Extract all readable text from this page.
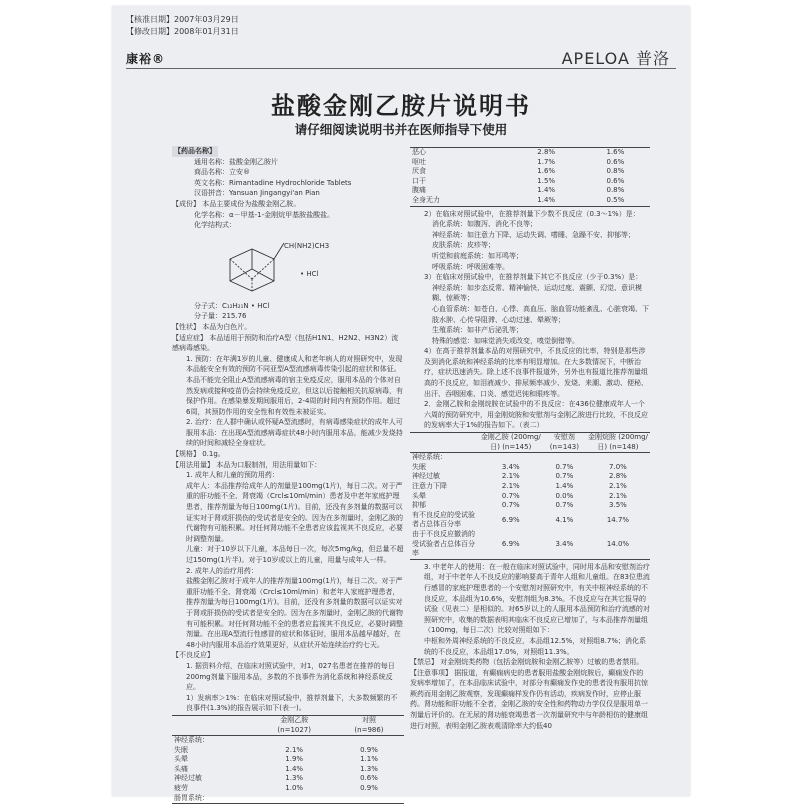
【核准日期】2007年03月29日
【修改日期】2008年01月31日
康裕®	APELOA 普洛
盐酸金刚乙胺片说明书
请仔细阅读说明书并在医师指导下使用
【药品名称】
通用名称：盐酸金刚乙胺片
商品名称：立安®
英文名称：Rimantadine Hydrochloride Tablets
汉语拼音：Yansuan Jingangyi'an Pian
【成份】 本品主要成份为盐酸金刚乙胺。
化学名称：α－甲基-1-金刚烷甲基胺盐酸盐。
化学结构式：
CH(NH2)CH3
• HCl
分子式：C₁₂H₂₁N • HCl
分子量：215.76
【性状】 本品为白色片。
【适应症】 本品适用于预防和治疗A型（包括H1N1、H2N2、H3N2）流感病毒感染。
1. 预防：在年满1岁的儿童、健康成人和老年病人的对照研究中，发现本品能安全有效的预防不同亚型A型流感病毒传染引起的症状和体征。本品不能完全阻止A型流感病毒的宿主免疫反应，服用本品的个体对自然发病或接种疫苗仍会持续免疫反应，但这以后接触相关抗原病毒，有保护作用。在感染暴发期间服用后，2-4周的时间内有预防作用。超过6周，其预防作用的安全性和有效性未被证实。
2. 治疗：在人群中确认或怀疑A型流感时，有病毒感染症状的成年人可服用本品：在出现A型流感病毒症状48小时内服用本品，能减少发烧持续的时间和减轻全身症状。
【规格】 0.1g。
【用法用量】 本品为口服制剂，用法用量如下：
1. 成年人和儿童的预防用药：
成年人：本品推荐给成年人的剂量是100mg(1片)，每日二次。对于严重的肝功能不全、肾衰竭（Crcl≤10ml/min）患者及中老年家庭护理患者，推荐剂量为每日100mg(1片)。目前，还没有多剂量的数据可以证实对于肾或肝损伤的受试者是安全的。因为在多剂量时，金刚乙胺的代谢物有可能积累。对任何肾功能不全患者应该监视其不良反应，必要时调整剂量。
儿童：对于10岁以下儿童，本品每日一次，每次5mg/kg，但总量不超过150mg(1片半)。对于10岁或以上的儿童，用量与成年人一样。
2. 成年人的治疗用药：
盐酸金刚乙胺对于成年人的推荐剂量100mg(1片)，每日二次。对于严重肝功能不全、肾衰竭（Crcl≤10ml/min）和老年人家庭护理患者，推荐剂量为每日100mg(1片)。目前，还没有多剂量的数据可以证实对于肾或肝损伤的受试者是安全的。因为在多剂量时，金刚乙胺的代谢物有可能积累。对任何肾功能不全的患者应监视其不良反应，必要时调整剂量。在出现A型流行性感冒的症状和体征时，服用本品越早越好，在48小时内服用本品治疗效果更好，从症状开始连续治疗约七天。
【不良反应】
1. 据资料介绍，在临床对照试验中，对1，027名患者在推荐的每日200mg剂量下服用本品，多数的不良事件为消化系统和神经系统反应。
1）发病率＞1%：在临床对照试验中，推荐剂量下，大多数频繁的不良事件(1.3%)的报告展示如下(表一)。
	金刚乙胺	对照
	(n=1027)	(n=986)
神经系统：		
失眠	2.1%	0.9%
头晕	1.9%	1.1%
头痛	1.4%	1.3%
神经过敏	1.3%	0.6%
疲劳	1.0%	0.9%
肠胃系统：		
恶心	2.8%	1.6%
呕吐	1.7%	0.6%
厌食	1.6%	0.8%
口干	1.5%	0.6%
腹痛	1.4%	0.8%
全身无力	1.4%	0.5%
2）在临床对照试验中，在推荐剂量下少数不良反应（0.3～1%）是：
消化系统：如腹泻、消化不良等；
神经系统：如注意力下降、运动失调、嗜睡、急躁不安、抑郁等；
皮肤系统：皮疹等；
听觉和前庭系统：如耳鸣等；
呼吸系统：呼吸困难等。
3）在临床对照试验中，在推荐剂量下其它不良反应（少于0.3%）是：
神经系统：如步态反常、精神愉快、运动过度、震颤、幻觉、意识模糊、惊厥等；
心血管系统：如苍白、心悸、高血压、脑血管功能紊乱、心脏衰竭、下肢水肿、心传导阻滞、心动过速、晕厥等；
生殖系统：如非产后泌乳等；
特殊的感觉：如味觉消失或改变，嗅觉倒错等。
4）在高于推荐剂量本品的对照研究中，不良反应的比率，特别是那些涉及到消化系统和神经系统的比率有明显增加。在大多数情况下，中断治疗，症状迅速消失。除上述不良事件报道外，另外也有报道比推荐剂量组高的不良反应，如泪液减少、排尿频率减少、发烧、来潮、激动、便秘、出汗、吞咽困难、口炎、感觉迟钝和眼疼等。
2．金刚乙胺和金刚烷胺在试验中的不良反应：在436位健康成年人一个六周的预防研究中，用金刚烷胺和安慰剂与金刚乙胺进行比较，不良反应的发病率大于1%的报告如下。（表二）
	金刚乙胺 (200mg/日) (n=145)	安慰剂 (n=143)	金刚烷胺 (200mg/日) (n=148)
神经系统：			
失眠	3.4%	0.7%	7.0%
神经过敏	2.1%	0.7%	2.8%
注意力下降	2.1%	1.4%	2.1%
头晕	0.7%	0.0%	2.1%
抑郁	0.7%	0.7%	3.5%
有不良反应的受试验者占总体百分率	6.9%	4.1%	14.7%
由于不良反应撤消的受试验者占总体百分率	6.9%	3.4%	14.0%
3. 中老年人的使用：在一般在临床对照试验中，同时用本品和安慰剂治疗组，对于中老年人不良反应的影响要高于青年人组和儿童组。在83位患流行感冒的家庭护理患者的一个安慰剂对照研究中，有关中枢神经系统的不良反应，本品组为10.6%，安慰剂组为8.3%。不良反应与在其它报导的试验（见表二）是相似的。对65岁以上的人服用本品预防和治疗流感的对照研究中，收集的数据表明其临床不良反应已增加了，与本品推荐剂量组（100mg，每日二次）比较对照组如下：
中枢和外周神经系统的不良反应，本品组12.5%，对照组8.7%；消化系统的不良反应，本品组17.0%，对照组11.3%。
【禁忌】 对金刚烷类药物（包括金刚烷胺和金刚乙胺等）过敏的患者禁用。
【注意事项】 据报道，有癫痫病史的患者服用盐酸金刚烷胺后，癫痫发作的发病率增加了，在本品临床试验中，对部分有癫痫发作史的患者没有服用抗惊厥药而用金刚乙胺观察，发现癫痫样发作仍有活动，疾病发作时，应停止服药。肾功能和肝功能不全者，金刚乙胺的安全性和药物动力学仅仅是服用单一剂量后评价的。在无尿的肾功能衰竭患者一次剂量研究中与年龄相仿的健康组进行对照，表明金刚乙胺表观清除率大约低40
